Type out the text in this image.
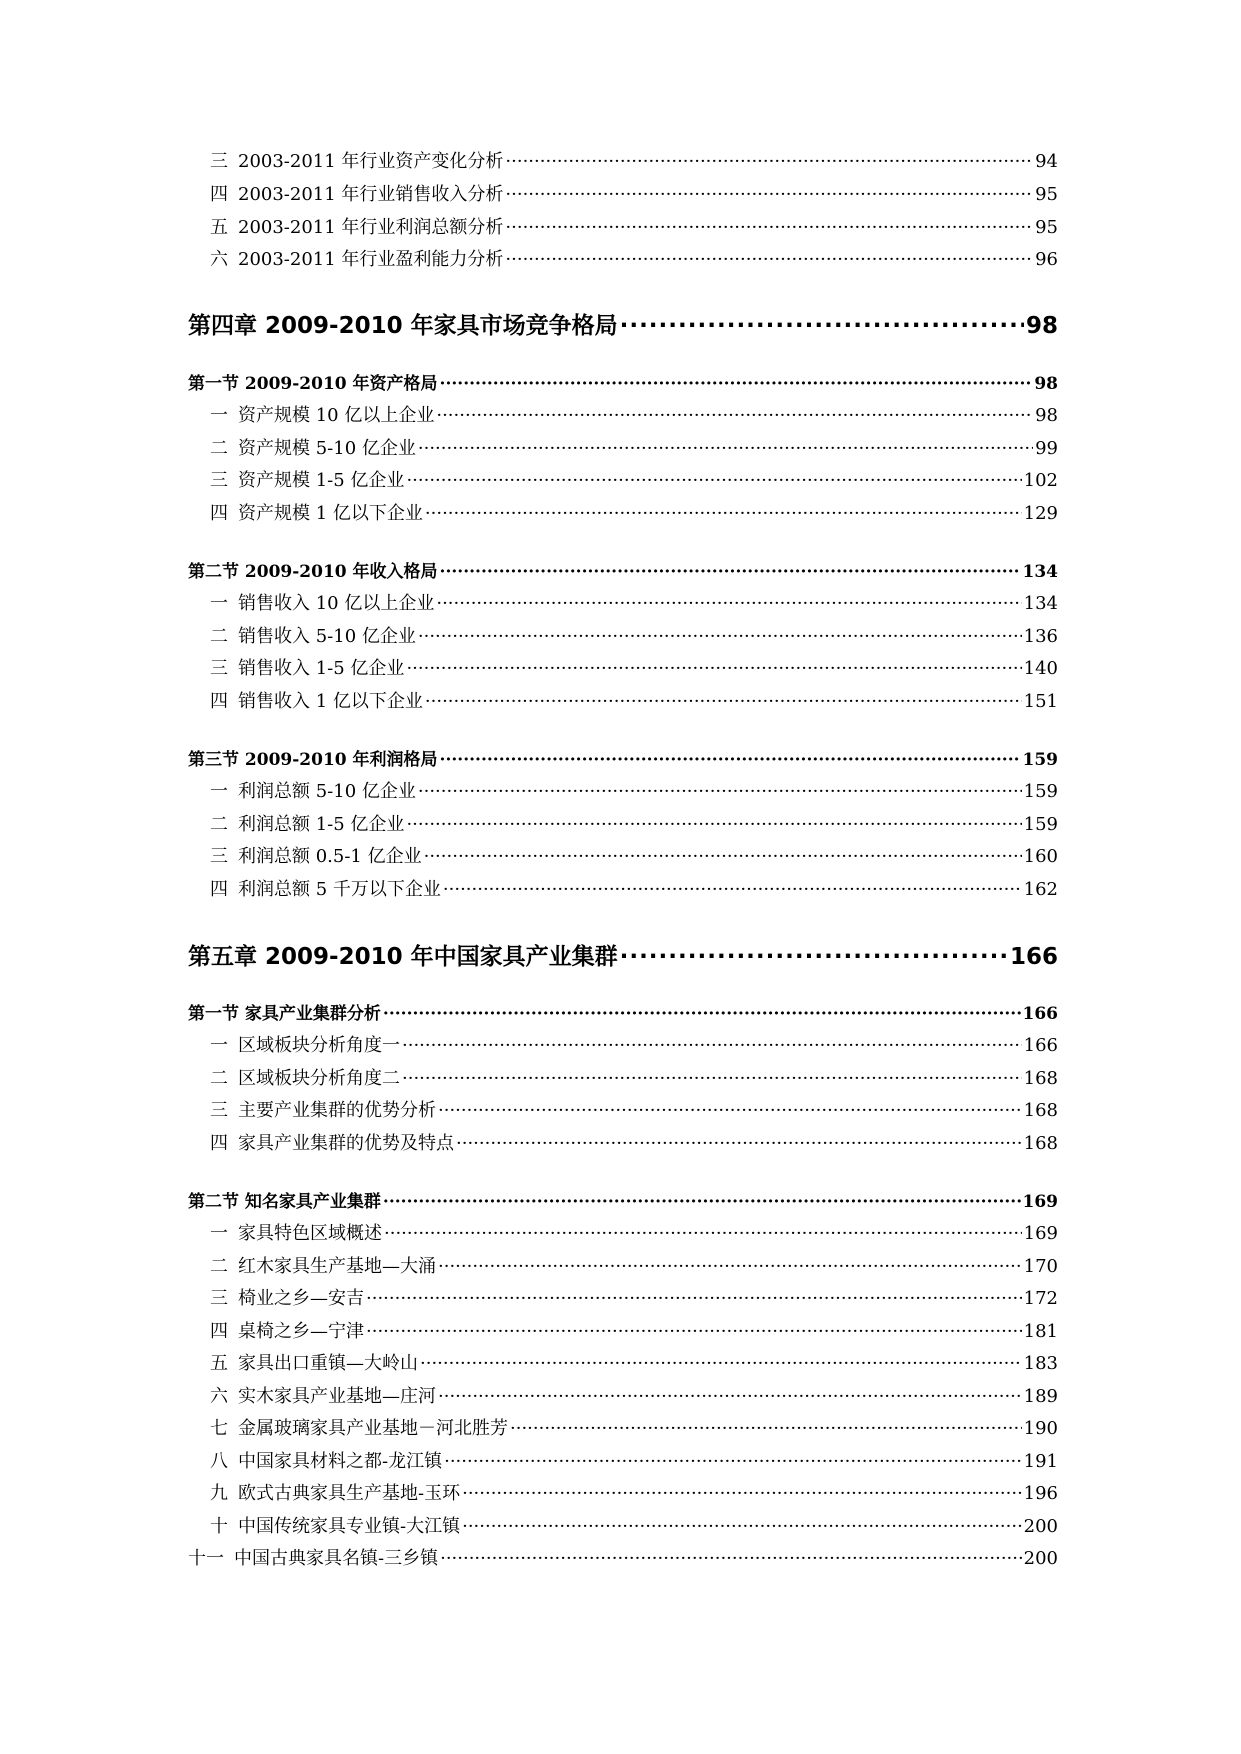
三 2003-2011 年行业资产变化分析 ·····	94
四 2003-2011 年行业销售收入分析 ·····	95
五 2003-2011 年行业利润总额分析 ·····	95
六 2003-2011 年行业盈利能力分析 ·····	96
第四章 2009-2010 年家具市场竞争格局 ·····	98
第一节 2009-2010 年资产格局 ·····	98
一 资产规模 10 亿以上企业 ·····	98
二 资产规模 5-10 亿企业 ·····	99
三 资产规模 1-5 亿企业 ·····	102
四 资产规模 1 亿以下企业 ·····	129
第二节 2009-2010 年收入格局 ·····	134
一 销售收入 10 亿以上企业 ·····	134
二 销售收入 5-10 亿企业 ·····	136
三 销售收入 1-5 亿企业 ·····	140
四 销售收入 1 亿以下企业 ·····	151
第三节 2009-2010 年利润格局 ·····	159
一 利润总额 5-10 亿企业 ·····	159
二 利润总额 1-5 亿企业 ·····	159
三 利润总额 0.5-1 亿企业 ·····	160
四 利润总额 5 千万以下企业 ·····	162
第五章 2009-2010 年中国家具产业集群 ·····	166
第一节 家具产业集群分析 ·····	166
一 区域板块分析角度一 ·····	166
二 区域板块分析角度二 ·····	168
三 主要产业集群的优势分析 ·····	168
四 家具产业集群的优势及特点 ·····	168
第二节 知名家具产业集群 ·····	169
一 家具特色区域概述 ·····	169
二 红木家具生产基地—大涌 ·····	170
三 椅业之乡—安吉 ·····	172
四 桌椅之乡—宁津 ·····	181
五 家具出口重镇—大岭山 ·····	183
六 实木家具产业基地—庄河 ·····	189
七 金属玻璃家具产业基地－河北胜芳 ·····	190
八 中国家具材料之都-龙江镇 ·····	191
九 欧式古典家具生产基地-玉环 ·····	196
十 中国传统家具专业镇-大江镇 ·····	200
十一 中国古典家具名镇-三乡镇 ·····	200
